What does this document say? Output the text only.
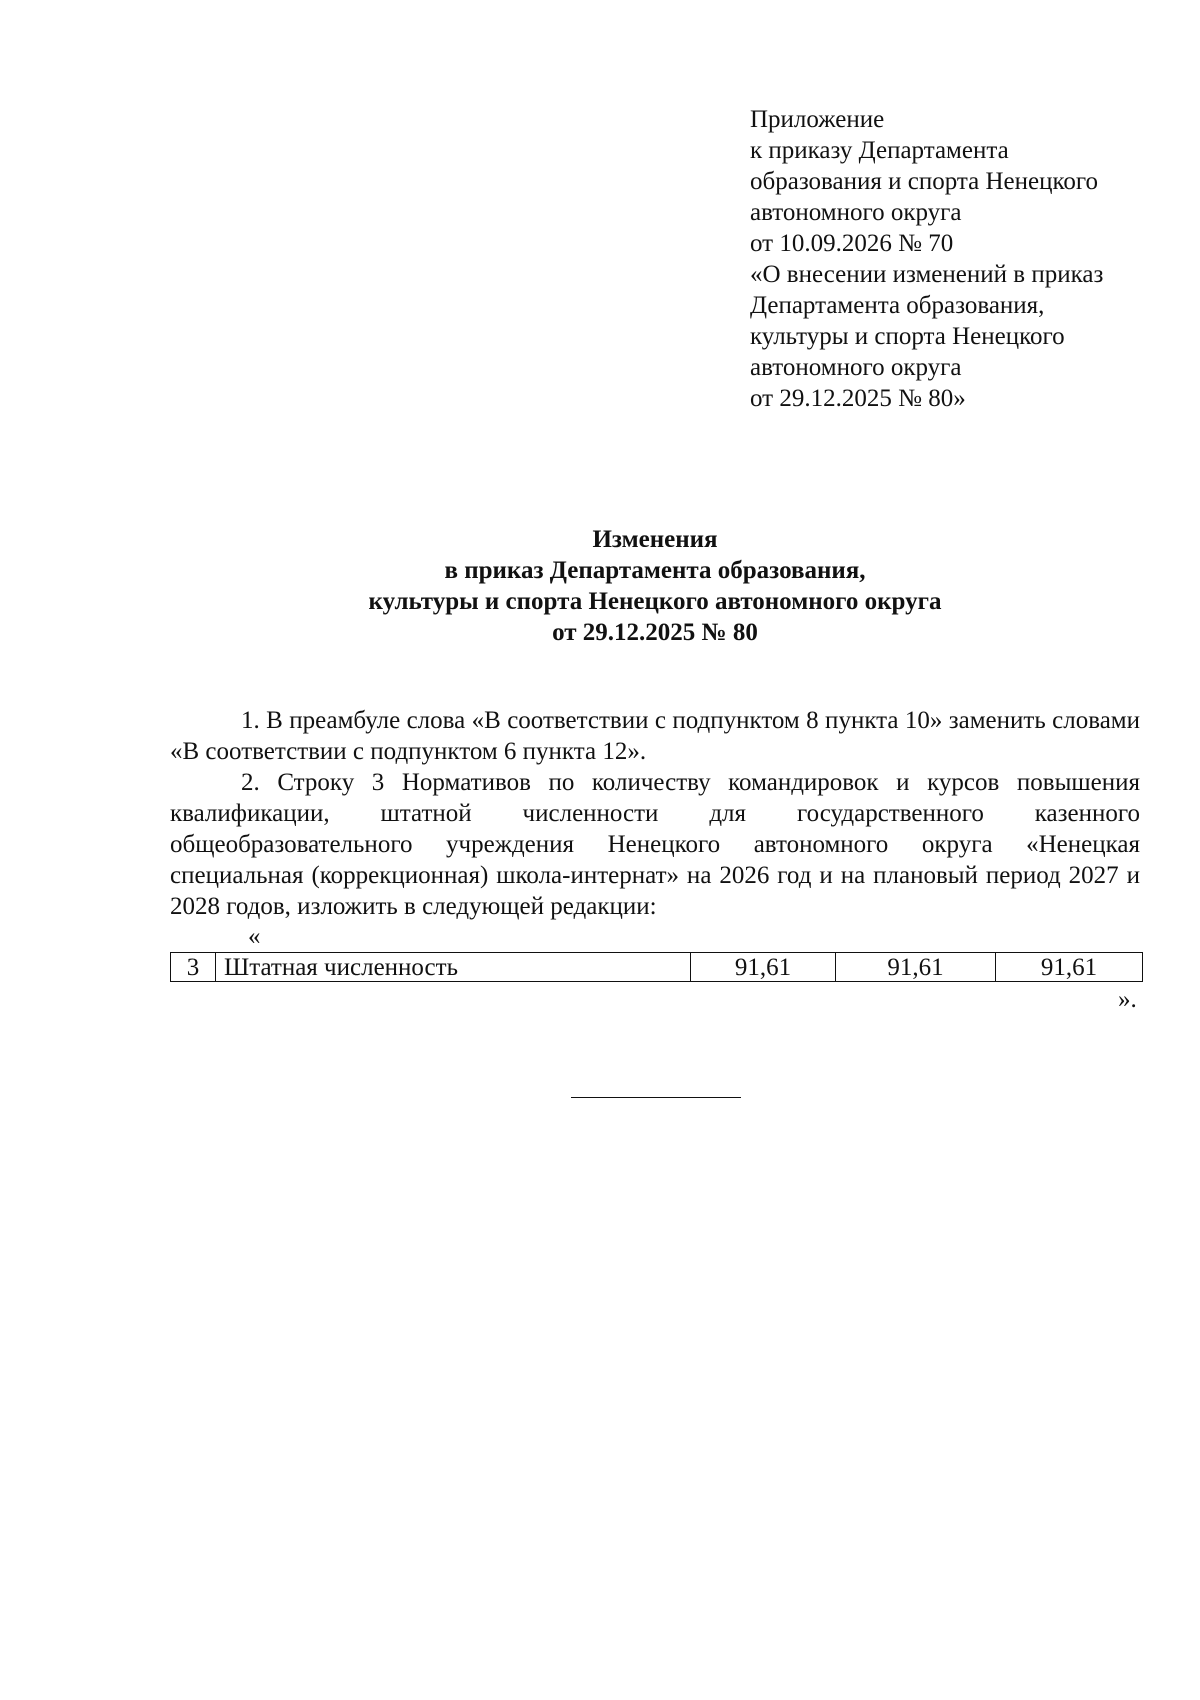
Приложение
к приказу Департамента
образования и спорта Ненецкого
автономного округа
от 10.09.2026 № 70
«О внесении изменений в приказ
Департамента образования,
культуры и спорта Ненецкого
автономного округа
от 29.12.2025 № 80»
Изменения
в приказ Департамента образования,
культуры и спорта Ненецкого автономного округа
от 29.12.2025 № 80

1. В преамбуле слова «В соответствии с подпунктом 8 пункта 10» заменить словами «В соответствии с подпунктом 6 пункта 12».

2. Строку 3 Нормативов по количеству командировок и курсов повышения квалификации, штатной численности для государственного казенного общеобразовательного учреждения Ненецкого автономного округа «Ненецкая специальная (коррекционная) школа-интернат» на 2026 год и на плановый период 2027 и 2028 годов, изложить в следующей редакции:

«
3	Штатная численность	91,61	91,61	91,61
».
